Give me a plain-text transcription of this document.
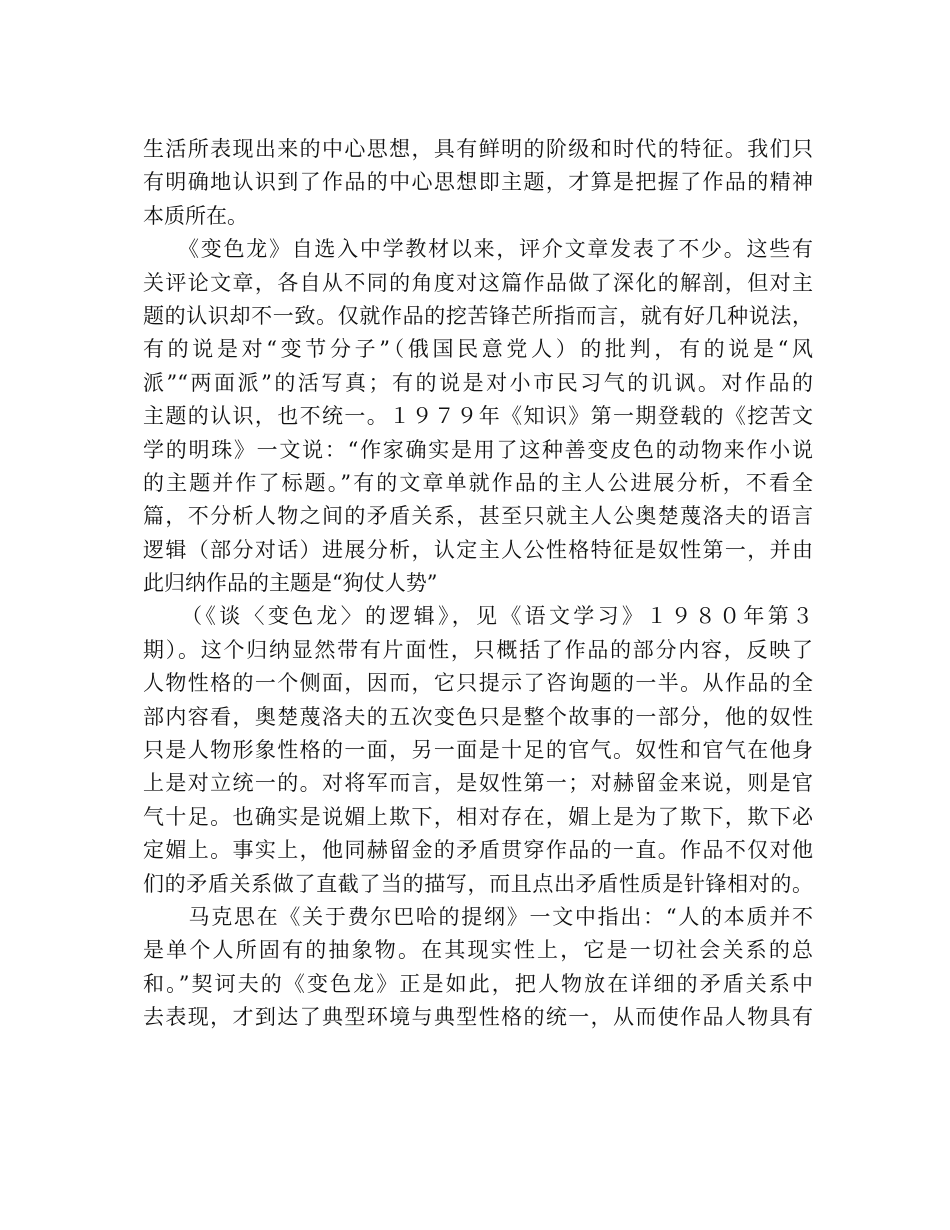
生活所表现出来的中心思想，具有鲜明的阶级和时代的特征。我们只
有明确地认识到了作品的中心思想即主题，才算是把握了作品的精神
本质所在。
　　《变色龙》自选入中学教材以来，评介文章发表了不少。这些有
关评论文章，各自从不同的角度对这篇作品做了深化的解剖，但对主
题的认识却不一致。仅就作品的挖苦锋芒所指而言，就有好几种说法，
有的说是对“变节分子”（俄国民意党人）的批判，有的说是“风
派”“两面派”的活写真；有的说是对小市民习气的讥讽。对作品的
主题的认识，也不统一。１９７９年《知识》第一期登载的《挖苦文
学的明珠》一文说：“作家确实是用了这种善变皮色的动物来作小说
的主题并作了标题。”有的文章单就作品的主人公进展分析，不看全
篇，不分析人物之间的矛盾关系，甚至只就主人公奥楚蔑洛夫的语言
逻辑（部分对话）进展分析，认定主人公性格特征是奴性第一，并由
此归纳作品的主题是“狗仗人势”
　　（《谈〈变色龙〉的逻辑》，见《语文学习》１９８０年第３
期）。这个归纳显然带有片面性，只概括了作品的部分内容，反映了
人物性格的一个侧面，因而，它只提示了咨询题的一半。从作品的全
部内容看，奥楚蔑洛夫的五次变色只是整个故事的一部分，他的奴性
只是人物形象性格的一面，另一面是十足的官气。奴性和官气在他身
上是对立统一的。对将军而言，是奴性第一；对赫留金来说，则是官
气十足。也确实是说媚上欺下，相对存在，媚上是为了欺下，欺下必
定媚上。事实上，他同赫留金的矛盾贯穿作品的一直。作品不仅对他
们的矛盾关系做了直截了当的描写，而且点出矛盾性质是针锋相对的。
　　马克思在《关于费尔巴哈的提纲》一文中指出：“人的本质并不
是单个人所固有的抽象物。在其现实性上，它是一切社会关系的总
和。”契诃夫的《变色龙》正是如此，把人物放在详细的矛盾关系中
去表现，才到达了典型环境与典型性格的统一，从而使作品人物具有
